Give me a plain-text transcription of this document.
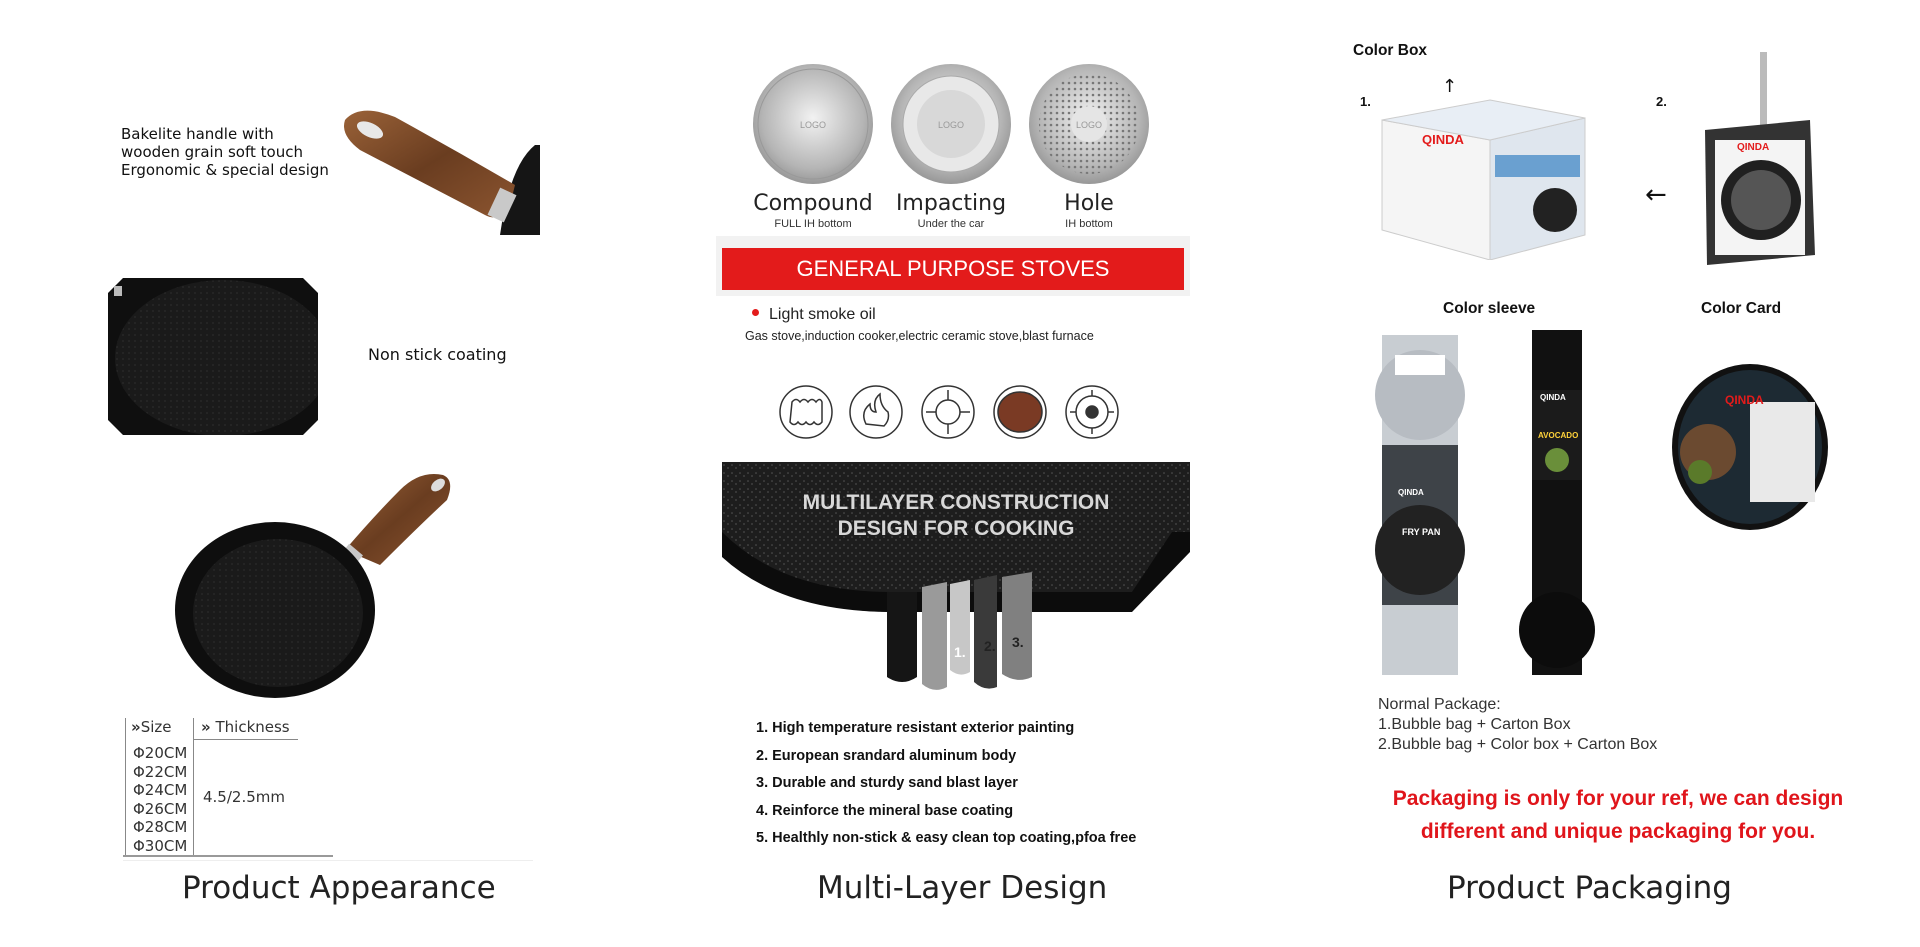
Bakelite handle with
wooden grain soft touch
Ergonomic & special design
Non stick coating
»Size » Thickness
Φ20CM
Φ22CM
Φ24CM
Φ26CM
Φ28CM
Φ30CM
4.5/2.5mm
Product Appearance
LOGO	LOGO	LOGO
Compound
FULL IH bottom
Impacting
Under the car
Hole
IH bottom
GENERAL PURPOSE STOVES
Light smoke oil
Gas stove,induction cooker,electric ceramic stove,blast furnace
MULTILAYER CONSTRUCTION
DESIGN FOR COOKING
1. 2. 3. 4.
5.
1. High temperature resistant exterior painting
2. European srandard aluminum body
3. Durable and sturdy sand blast layer
4. Reinforce the mineral base coating
5. Healthly non-stick & easy clean top coating,pfoa free
Multi-Layer Design
Color Box
1.	2.
↑
QINDA
←
QINDA
Color sleeve	Color Card
FRY PAN
QINDA
AVOCADO
QINDA	QINDA
Normal Package:
1.Bubble bag + Carton Box
2.Bubble bag + Color box + Carton Box
Packaging is only for your ref, we can design
different and unique packaging for you.
Product Packaging
